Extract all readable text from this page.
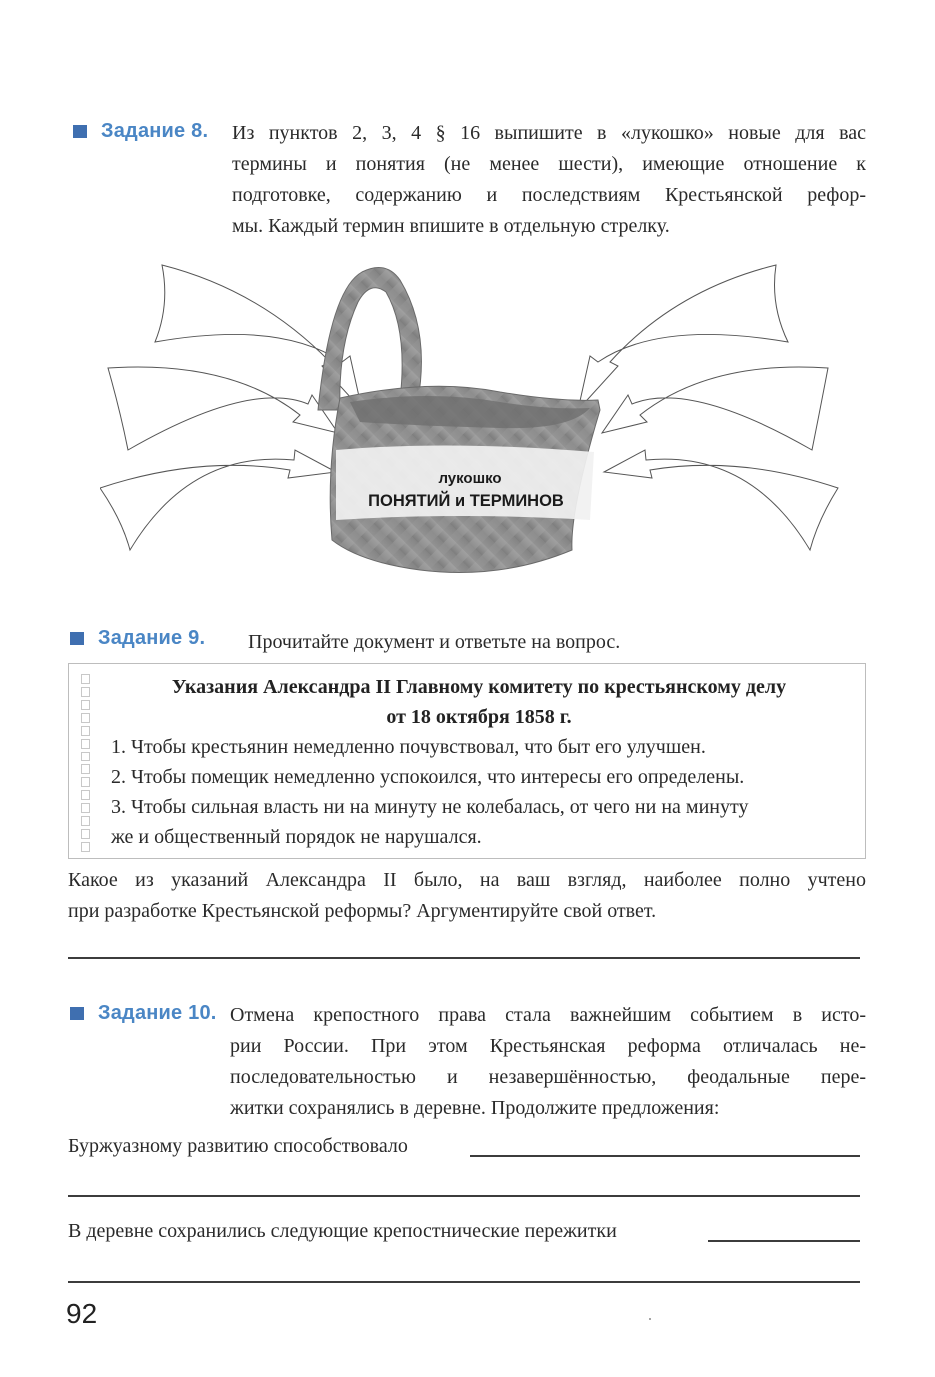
Задание 8. Из пунктов 2, 3, 4 § 16 выпишите в «лукошко» новые для вас
термины и понятия (не менее шести), имеющие отношение к
подготовке, содержанию и последствиям Крестьянской рефор-
мы. Каждый термин впишите в отдельную стрелку.
лукошко
ПОНЯТИЙ и ТЕРМИНОВ
Задание 9. Прочитайте документ и ответьте на вопрос.
Указания Александра II Главному комитету по крестьянскому делу
от 18 октября 1858 г.
1. Чтобы крестьянин немедленно почувствовал, что быт его улучшен.
2. Чтобы помещик немедленно успокоился, что интересы его определены.
3. Чтобы сильная власть ни на минуту не колебалась, от чего ни на минуту
же и общественный порядок не нарушался.
Какое из указаний Александра II было, на ваш взгляд, наиболее полно учтено
при разработке Крестьянской реформы? Аргументируйте свой ответ.
Задание 10. Отмена крепостного права стала важнейшим событием в исто-
рии России. При этом Крестьянская реформа отличалась не-
последовательностью и незавершённостью, феодальные пере-
житки сохранялись в деревне. Продолжите предложения:
Буржуазному развитию способствовало
В деревне сохранились следующие крепостнические пережитки
92
